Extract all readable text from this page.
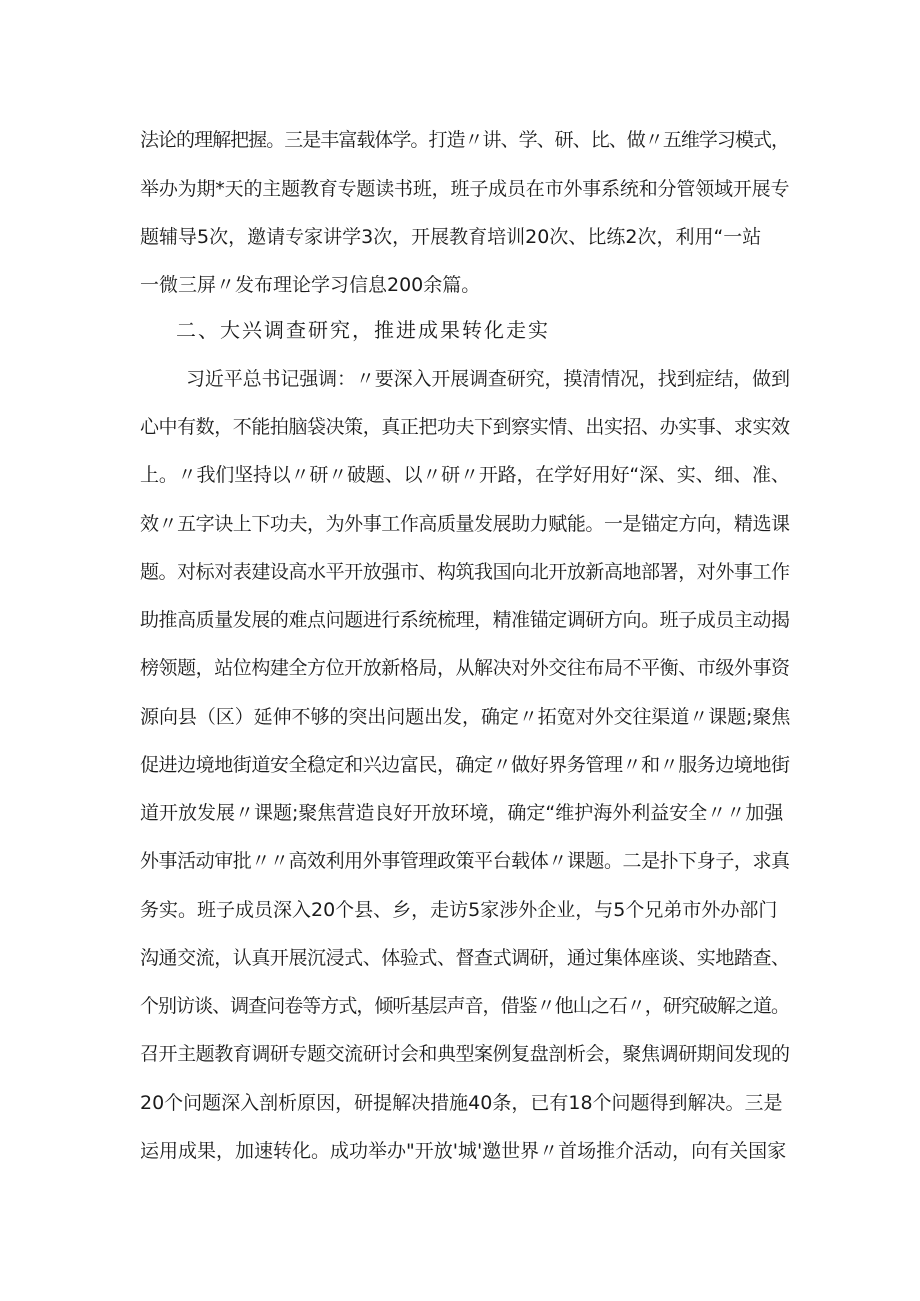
法论的理解把握。三是丰富载体学。打造〃讲、学、研、比、做〃五维学习模式，
举办为期*天的主题教育专题读书班，班子成员在市外事系统和分管领域开展专
题辅导5次，邀请专家讲学3次，开展教育培训20次、比练2次，利用“一站
一微三屏〃发布理论学习信息200余篇。
二、大兴调查研究，推进成果转化走实
习近平总书记强调：〃要深入开展调查研究，摸清情况，找到症结，做到
心中有数，不能拍脑袋决策，真正把功夫下到察实情、出实招、办实事、求实效
上。〃我们坚持以〃研〃破题、以〃研〃开路，在学好用好“深、实、细、准、
效〃五字诀上下功夫，为外事工作高质量发展助力赋能。一是锚定方向，精选课
题。对标对表建设高水平开放强市、构筑我国向北开放新高地部署，对外事工作
助推高质量发展的难点问题进行系统梳理，精准锚定调研方向。班子成员主动揭
榜领题，站位构建全方位开放新格局，从解决对外交往布局不平衡、市级外事资
源向县（区）延伸不够的突出问题出发，确定〃拓宽对外交往渠道〃课题;聚焦
促进边境地街道安全稳定和兴边富民，确定〃做好界务管理〃和〃服务边境地街
道开放发展〃课题;聚焦营造良好开放环境，确定“维护海外利益安全〃〃加强
外事活动审批〃〃高效利用外事管理政策平台载体〃课题。二是扑下身子，求真
务实。班子成员深入20个县、乡，走访5家涉外企业，与5个兄弟市外办部门
沟通交流，认真开展沉浸式、体验式、督查式调研，通过集体座谈、实地踏查、
个别访谈、调查问卷等方式，倾听基层声音，借鉴〃他山之石〃，研究破解之道。
召开主题教育调研专题交流研讨会和典型案例复盘剖析会，聚焦调研期间发现的
20个问题深入剖析原因，研提解决措施40条，已有18个问题得到解决。三是
运用成果，加速转化。成功举办"开放'城'邀世界〃首场推介活动，向有关国家
